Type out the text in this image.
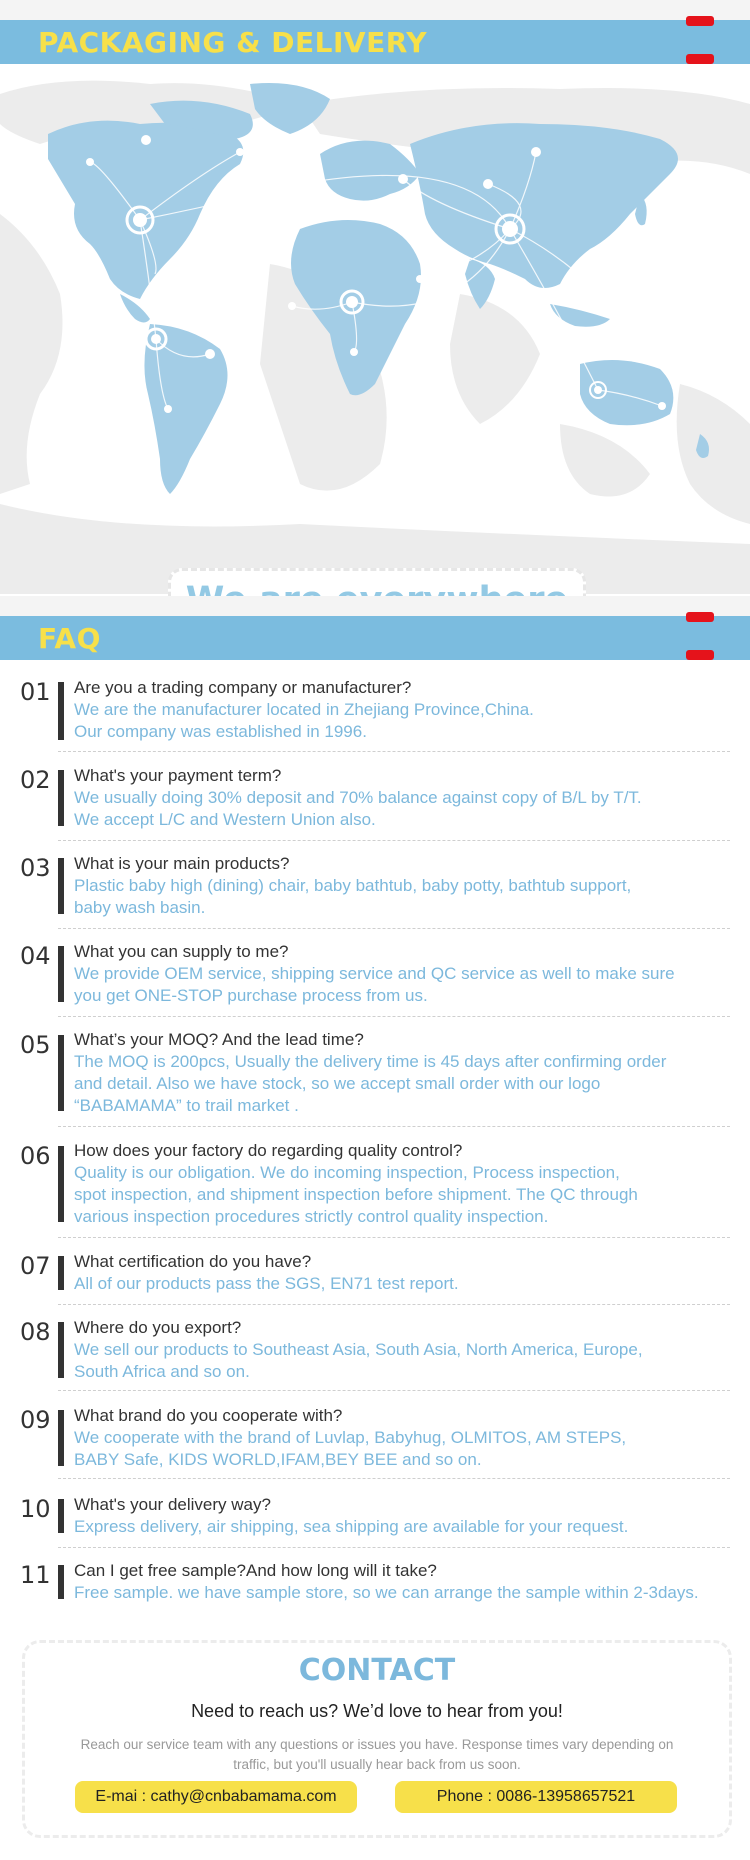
PACKAGING & DELIVERY
FAQ
01 Are you a trading company or manufacturer?
We are the manufacturer located in Zhejiang Province,China.
Our company was established in 1996.
02 What's your payment term?
We usually doing 30% deposit and 70% balance against copy of B/L by T/T.
We accept L/C and Western Union also.
03 What is your main products?
Plastic baby high (dining) chair, baby bathtub, baby potty, bathtub support,
baby wash basin.
04 What you can supply to me?
We provide OEM service, shipping service and QC service as well to make sure
you get ONE-STOP purchase process from us.
05 What’s your MOQ? And the lead time?
The MOQ is 200pcs, Usually the delivery time is 45 days after confirming order
and detail. Also we have stock, so we accept small order with our logo
“BABAMAMA” to trail market .
06 How does your factory do regarding quality control?
Quality is our obligation. We do incoming inspection, Process inspection,
spot inspection, and shipment inspection before shipment. The QC through
various inspection procedures strictly control quality inspection.
07 What certification do you have?
All of our products pass the SGS, EN71 test report.
08 Where do you export?
We sell our products to Southeast Asia, South Asia, North America, Europe,
South Africa and so on.
09 What brand do you cooperate with?
We cooperate with the brand of Luvlap, Babyhug, OLMITOS, AM STEPS,
BABY Safe, KIDS WORLD,IFAM,BEY BEE and so on.
10 What's your delivery way?
Express delivery, air shipping, sea shipping are available for your request.
11 Can I get free sample?And how long will it take?
Free sample. we have sample store, so we can arrange the sample within 2-3days.
CONTACT
Need to reach us? We’d love to hear from you!
Reach our service team with any questions or issues you have. Response times vary depending on traffic, but you'll usually hear back from us soon.
E-mai : cathy@cnbabamama.com	Phone : 0086-13958657521
